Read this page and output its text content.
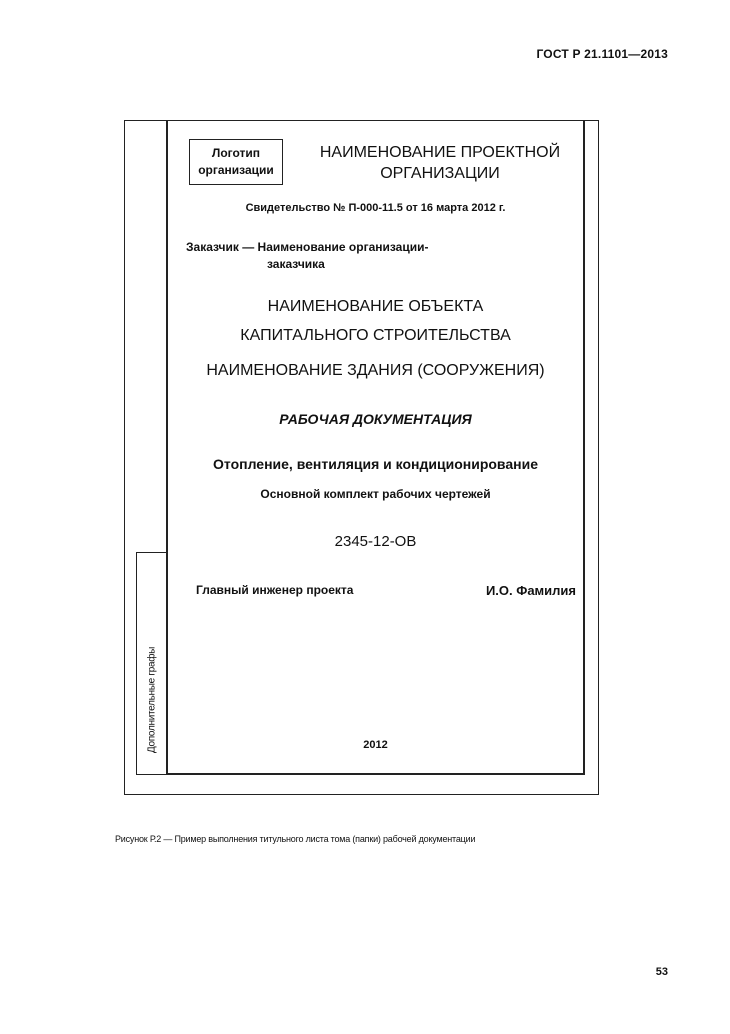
ГОСТ Р 21.1101—2013
Дополнительные графы
Логотип
организации
НАИМЕНОВАНИЕ ПРОЕКТНОЙ
ОРГАНИЗАЦИИ
Свидетельство № П-000-11.5 от 16 марта 2012 г.
Заказчик — Наименование организации-
заказчика
НАИМЕНОВАНИЕ ОБЪЕКТА
КАПИТАЛЬНОГО СТРОИТЕЛЬСТВА
НАИМЕНОВАНИЕ ЗДАНИЯ (СООРУЖЕНИЯ)
РАБОЧАЯ ДОКУМЕНТАЦИЯ
Отопление, вентиляция и кондиционирование
Основной комплект рабочих чертежей
2345-12-ОВ
Главный инженер проекта	И.О. Фамилия
2012
Рисунок Р.2 — Пример выполнения титульного листа тома (папки) рабочей документации
53
